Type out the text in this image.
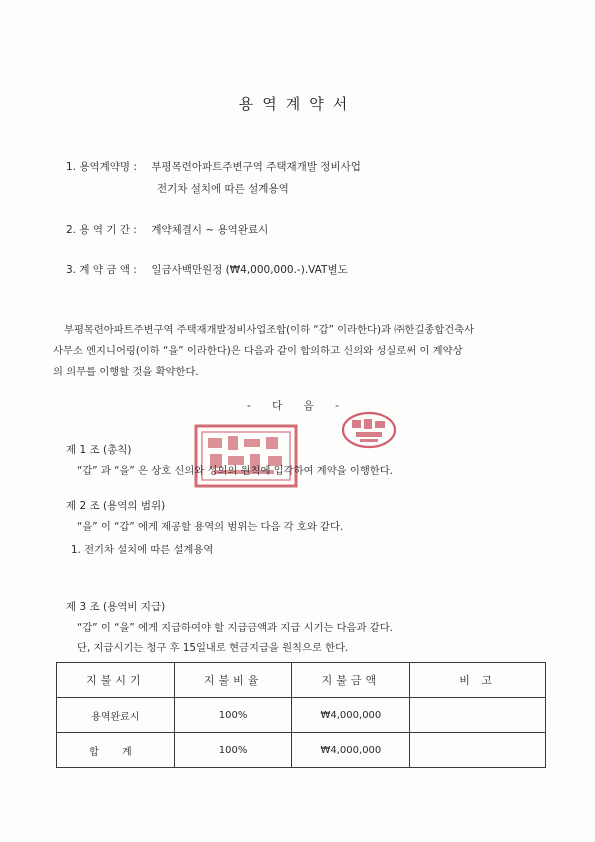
용역계약서
1. 용역계약명 : 부평목련아파트주변구역 주택재개발 정비사업
전기차 설치에 따른 설계용역
2. 용 역 기 간 : 계약체결시 ~ 용역완료시
3. 계 약 금 액 : 일금사백만원정 (₩4,000,000.-).VAT별도
부평목련아파트주변구역 주택재개발정비사업조합(이하 “갑” 이라한다)과 ㈜한길종합건축사
사무소 엔지니어링(이하 “을” 이라한다)은 다음과 같이 합의하고 신의와 성실로써 이 계약상
의 의무를 이행할 것을 확약한다.
- 다 음 -
제 1 조 (총칙)
“갑” 과 “을” 은 상호 신의와 성의의 원칙에 입각하여 계약을 이행한다.
제 2 조 (용역의 범위)
“을” 이 “갑” 에게 제공할 용역의 범위는 다음 각 호와 같다.
1. 전기차 설치에 따른 설계용역
제 3 조 (용역비 지급)
“갑” 이 “을” 에게 지급하여야 할 지급금액과 지급 시기는 다음과 같다.
단, 지급시기는 청구 후 15일내로 현금지급을 원칙으로 한다.
지불시기	지불비율	지불금액	비 고
용역완료시	100%	₩4,000,000	
합 계	100%	₩4,000,000	
